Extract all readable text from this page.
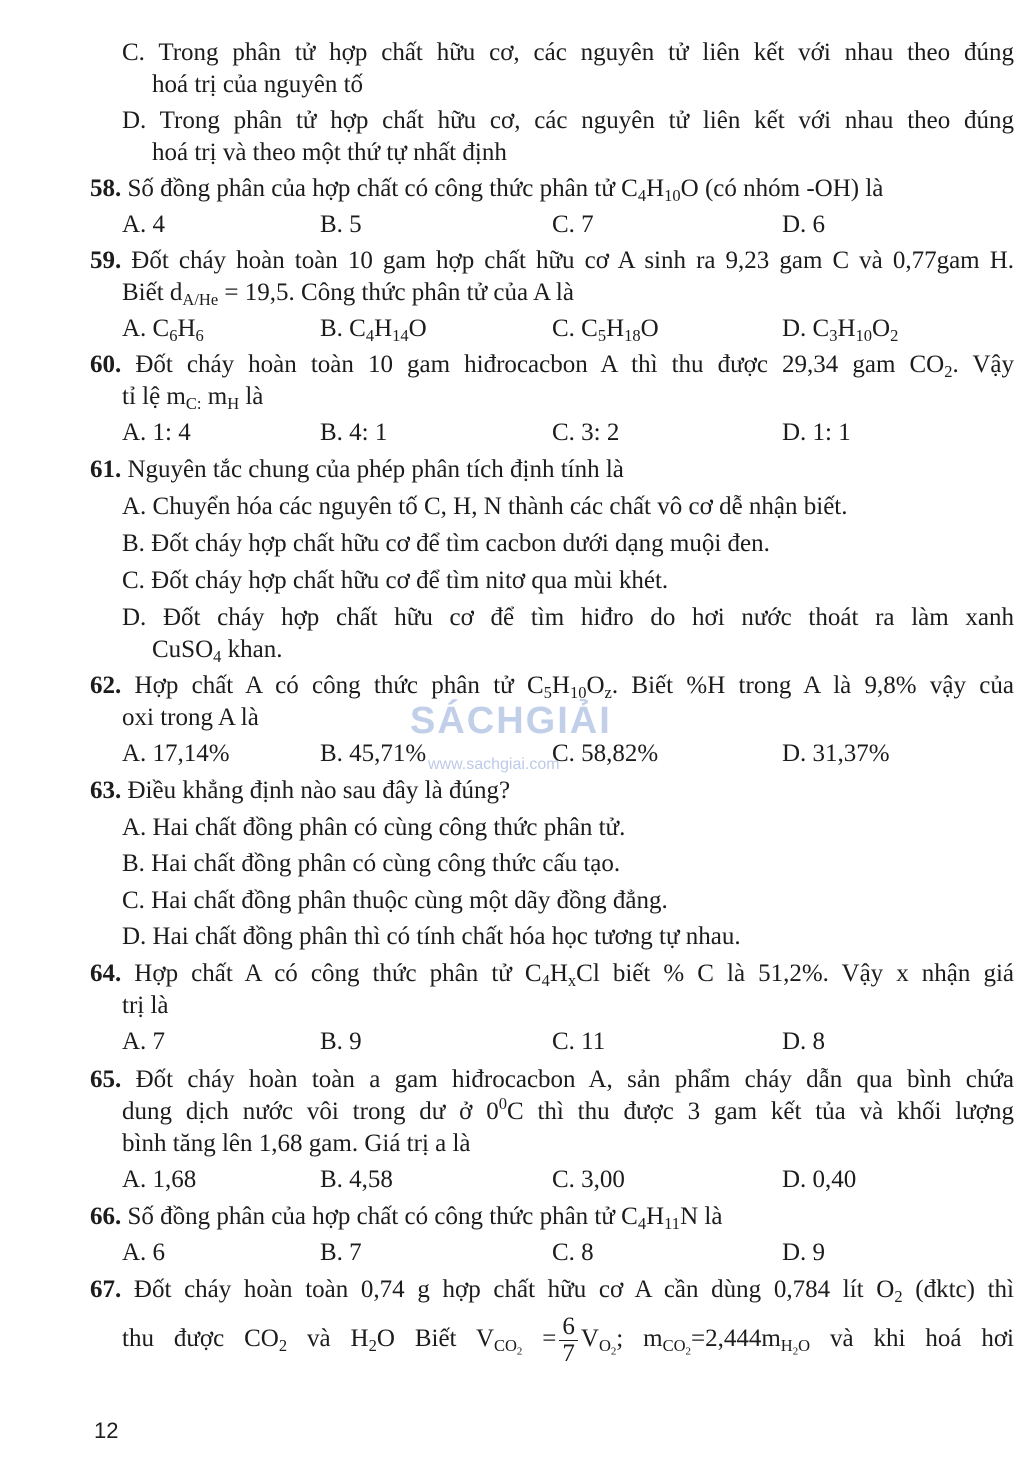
C. Trong phân tử hợp chất hữu cơ, các nguyên tử liên kết với nhau theo đúng
hoá trị của nguyên tố
D. Trong phân tử hợp chất hữu cơ, các nguyên tử liên kết với nhau theo đúng
hoá trị và theo một thứ tự nhất định
58. Số đồng phân của hợp chất có công thức phân tử $C_4H_{10}O$ (có nhóm -OH) là
A. 4	B. 5	C. 7	D. 6
59. Đốt cháy hoàn toàn 10 gam hợp chất hữu cơ A sinh ra 9,23 gam C và 0,77gam H.
Biết $d_{A/He} = 19,5$. Công thức phân tử của A là
A. $C_6H_6$	B. $C_4H_{14}O$	C. $C_5H_{18}O$	D. $C_3H_{10}O_2$
60. Đốt cháy hoàn toàn 10 gam hiđrocacbon A thì thu được 29,34 gam $CO_2$. Vậy
tỉ lệ $m_{C:}$ $m_H$ là
A. 1: 4	B. 4: 1	C. 3: 2	D. 1: 1
61. Nguyên tắc chung của phép phân tích định tính là
A. Chuyển hóa các nguyên tố C, H, N thành các chất vô cơ dễ nhận biết.
B. Đốt cháy hợp chất hữu cơ để tìm cacbon dưới dạng muội đen.
C. Đốt cháy hợp chất hữu cơ để tìm nitơ qua mùi khét.
D. Đốt cháy hợp chất hữu cơ để tìm hiđro do hơi nước thoát ra làm xanh
CuSO$_4$ khan.
62. Hợp chất A có công thức phân tử $C_5H_{10}O_z$. Biết %H trong A là 9,8% vậy của
oxi trong A là
A. 17,14%	B. 45,71%	C. 58,82%	D. 31,37%
SÁCHGIẢI
www.sachgiai.com
63. Điều khẳng định nào sau đây là đúng?
A. Hai chất đồng phân có cùng công thức phân tử.
B. Hai chất đồng phân có cùng công thức cấu tạo.
C. Hai chất đồng phân thuộc cùng một dãy đồng đẳng.
D. Hai chất đồng phân thì có tính chất hóa học tương tự nhau.
64. Hợp chất A có công thức phân tử $C_4H_xCl$ biết % C là 51,2%. Vậy x nhận giá
trị là
A. 7	B. 9	C. 11	D. 8
65. Đốt cháy hoàn toàn a gam hiđrocacbon A, sản phẩm cháy dẫn qua bình chứa
dung dịch nước vôi trong dư ở $0^0C$ thì thu được 3 gam kết tủa và khối lượng
bình tăng lên 1,68 gam. Giá trị a là
A. 1,68	B. 4,58	C. 3,00	D. 0,40
66. Số đồng phân của hợp chất có công thức phân tử $C_4H_{11}N$ là
A. 6	B. 7	C. 8	D. 9
67. Đốt cháy hoàn toàn 0,74 g hợp chất hữu cơ A cần dùng 0,784 lít $O_2$ (đktc) thì
thu được $CO_2$ và $H_2O$ Biết $V_{CO_2} = \frac{6}{7} V_{O_2}$; $m_{CO_2}=2,444m_{H_2O}$ và khi hoá hơi
12
